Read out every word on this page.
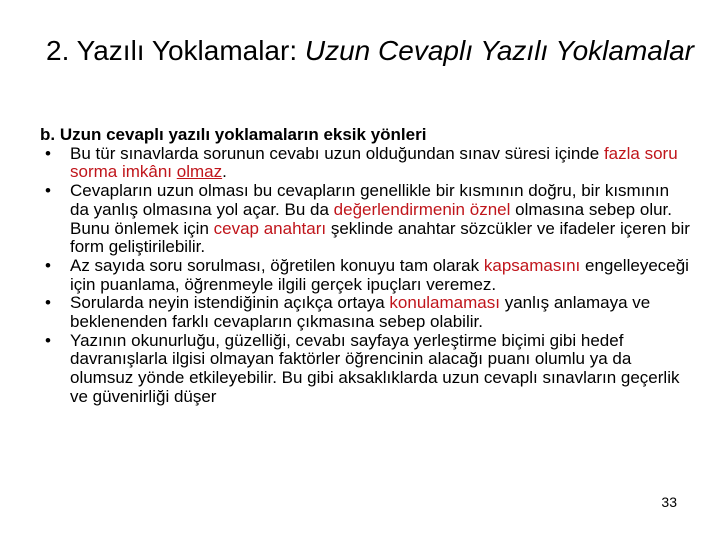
2. Yazılı Yoklamalar: Uzun Cevaplı Yazılı Yoklamalar

b. Uzun cevaplı yazılı yoklamaların eksik yönleri

• Bu tür sınavlarda sorunun cevabı uzun olduğundan sınav süresi içinde fazla soru sorma imkânı olmaz.
• Cevapların uzun olması bu cevapların genellikle bir kısmının doğru, bir kısmının da yanlış olmasına yol açar. Bu da değerlendirmenin öznel olmasına sebep olur. Bunu önlemek için cevap anahtarı şeklinde anahtar sözcükler ve ifadeler içeren bir form geliştirilebilir.
• Az sayıda soru sorulması, öğretilen konuyu tam olarak kapsamasını engelleyeceği için puanlama, öğrenmeyle ilgili gerçek ipuçları veremez.
• Sorularda neyin istendiğinin açıkça ortaya konulamaması yanlış anlamaya ve beklenenden farklı cevapların çıkmasına sebep olabilir.
• Yazının okunurluğu, güzelliği, cevabı sayfaya yerleştirme biçimi gibi hedef davranışlarla ilgisi olmayan faktörler öğrencinin alacağı puanı olumlu ya da olumsuz yönde etkileyebilir. Bu gibi aksaklıklarda uzun cevaplı sınavların geçerlik ve güvenirliği düşer
33
